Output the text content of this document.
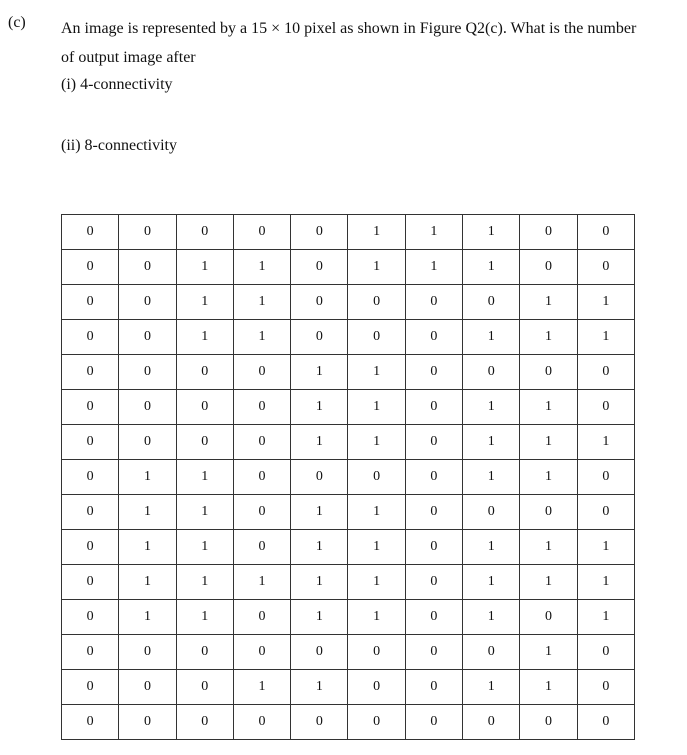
(c) An image is represented by a 15 × 10 pixel as shown in Figure Q2(c). What is the number
of output image after
(i) 4-connectivity
(ii) 8-connectivity
0	0	0	0	0	1	1	1	0	0
0	0	1	1	0	1	1	1	0	0
0	0	1	1	0	0	0	0	1	1
0	0	1	1	0	0	0	1	1	1
0	0	0	0	1	1	0	0	0	0
0	0	0	0	1	1	0	1	1	0
0	0	0	0	1	1	0	1	1	1
0	1	1	0	0	0	0	1	1	0
0	1	1	0	1	1	0	0	0	0
0	1	1	0	1	1	0	1	1	1
0	1	1	1	1	1	0	1	1	1
0	1	1	0	1	1	0	1	0	1
0	0	0	0	0	0	0	0	1	0
0	0	0	1	1	0	0	1	1	0
0	0	0	0	0	0	0	0	0	0
